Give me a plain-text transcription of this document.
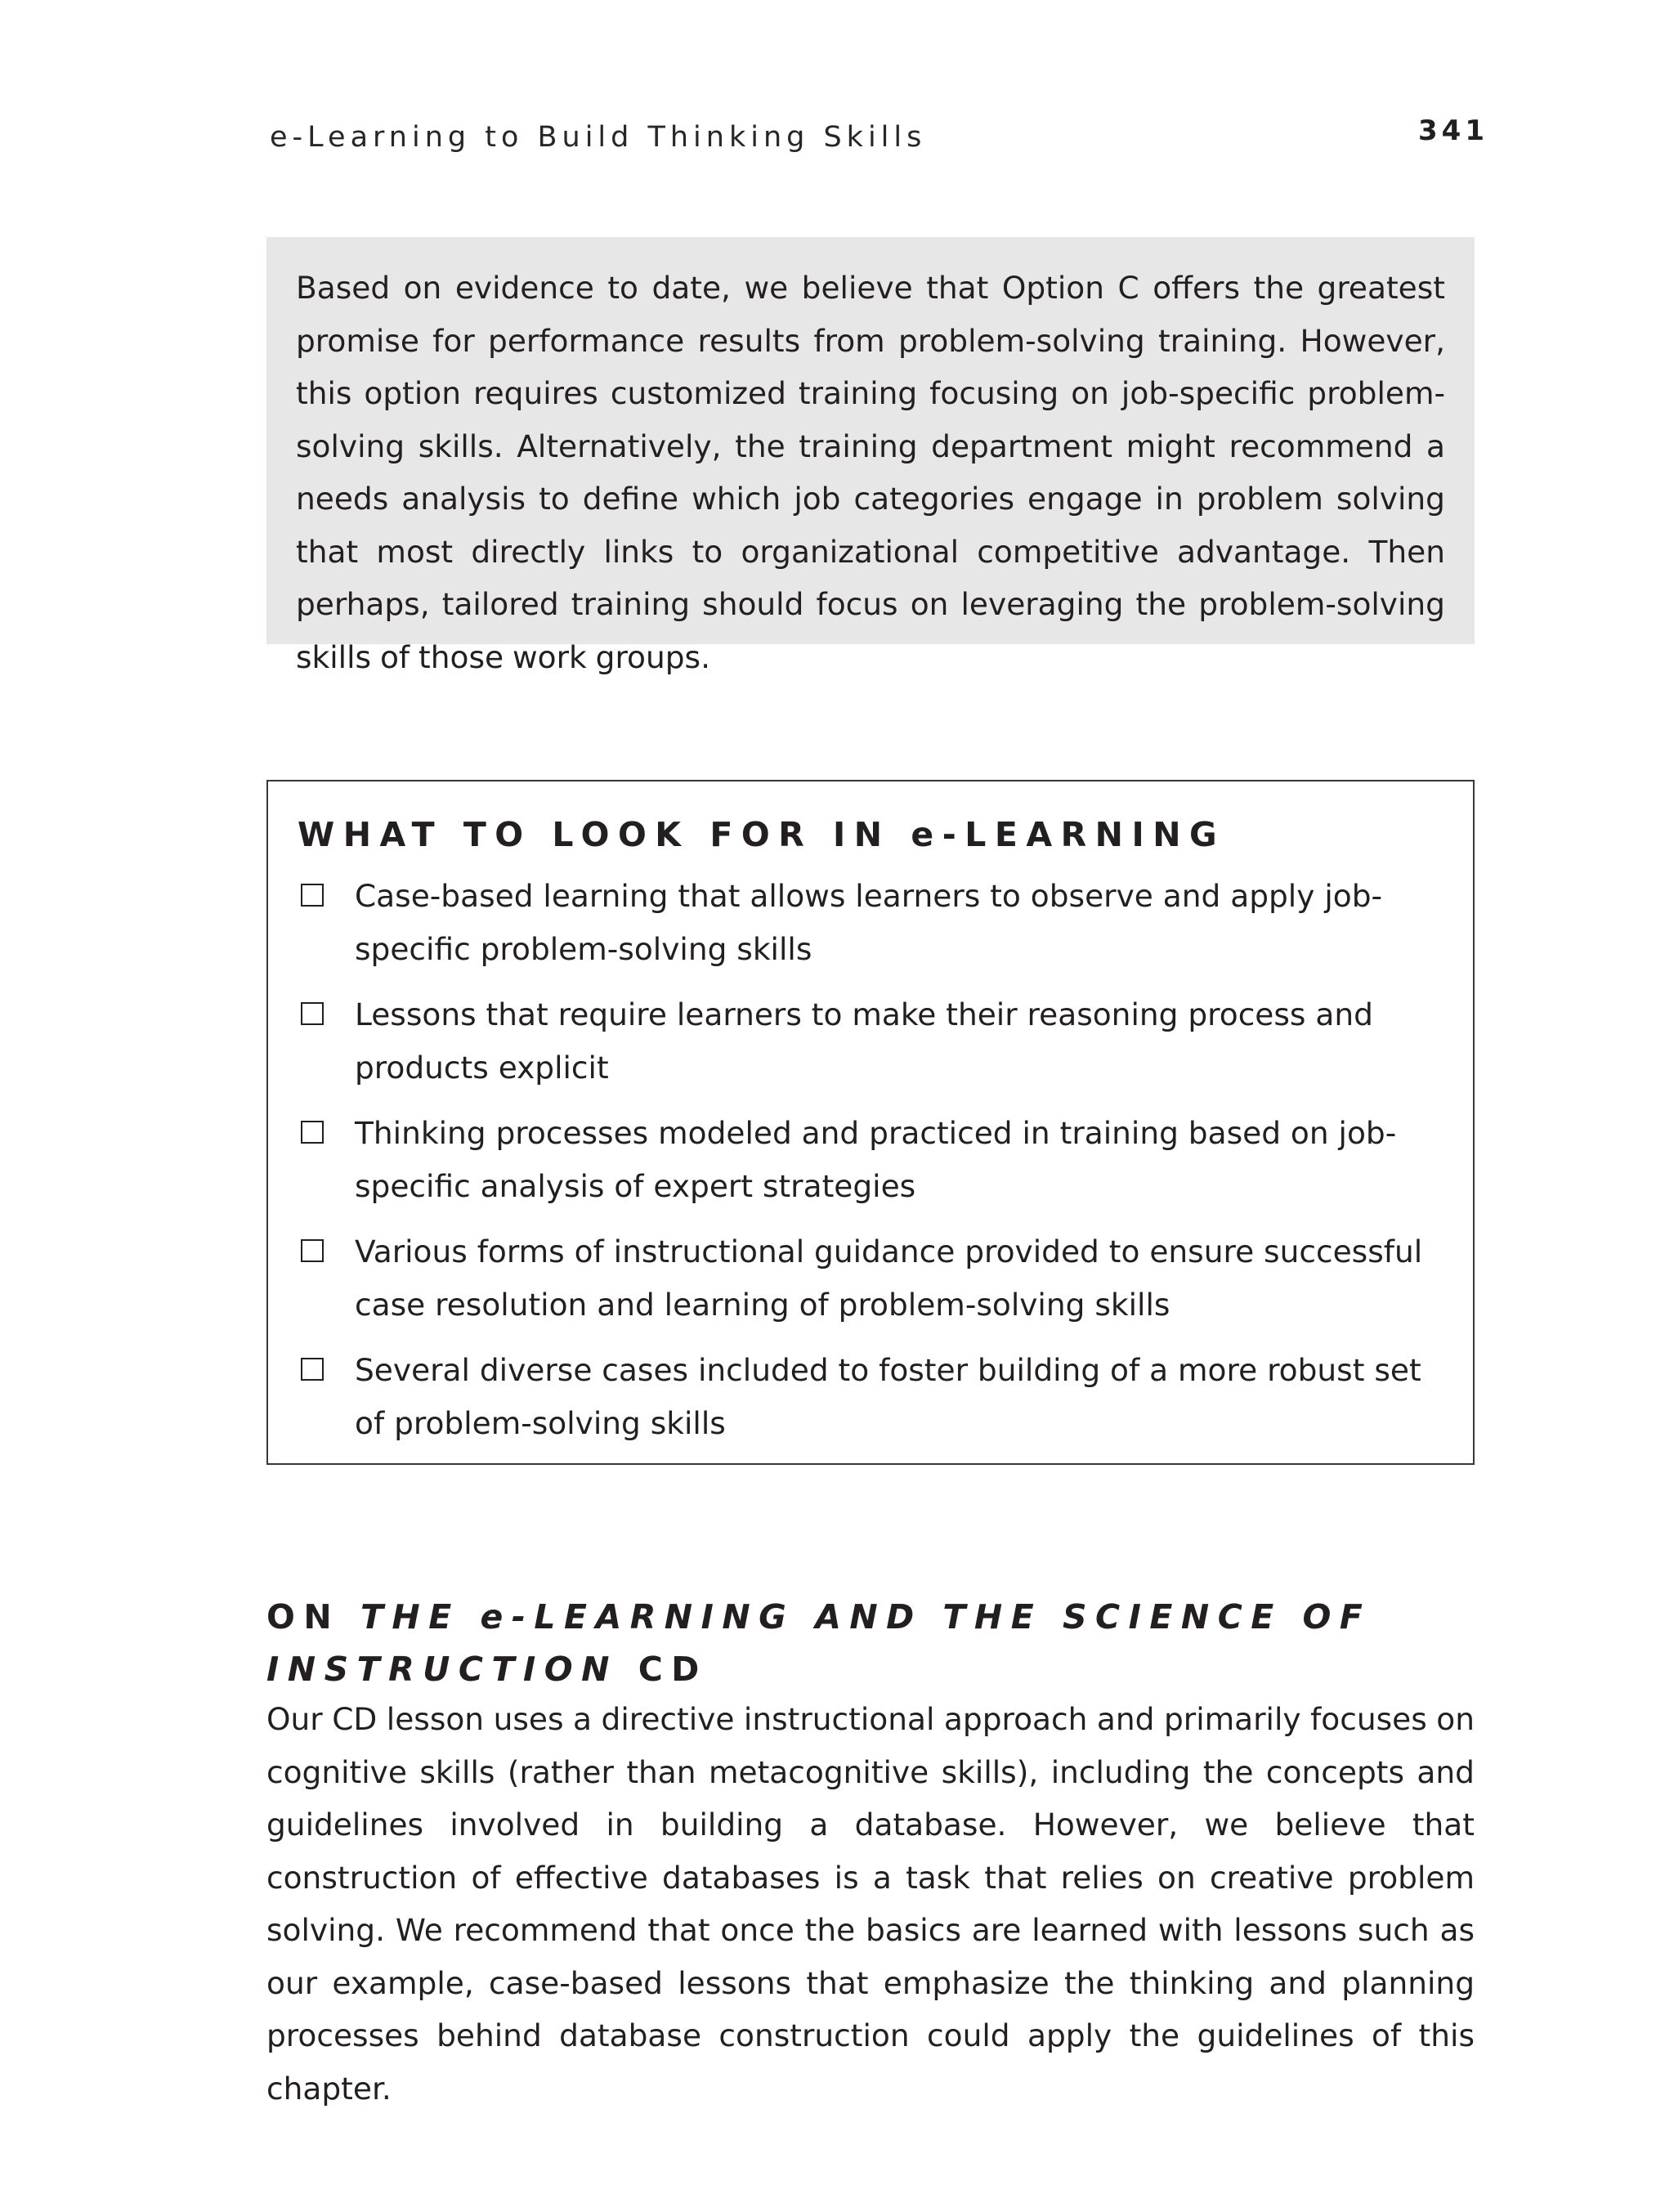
e-Learning to Build Thinking Skills	341

Based on evidence to date, we believe that Option C offers the greatest promise for performance results from problem-solving training. However, this option requires customized training focusing on job-specific problem-solving skills. Alternatively, the training department might recommend a needs analysis to define which job categories engage in problem solving that most directly links to organizational competitive advantage. Then perhaps, tailored training should focus on leveraging the problem-solving skills of those work groups.

WHAT TO LOOK FOR IN e-LEARNING
Case-based learning that allows learners to observe and apply job-specific problem-solving skills
Lessons that require learners to make their reasoning process and products explicit
Thinking processes modeled and practiced in training based on job-specific analysis of expert strategies
Various forms of instructional guidance provided to ensure successful case resolution and learning of problem-solving skills
Several diverse cases included to foster building of a more robust set of problem-solving skills
ON THE e-LEARNING AND THE SCIENCE OF INSTRUCTION CD

Our CD lesson uses a directive instructional approach and primarily focuses on cognitive skills (rather than metacognitive skills), including the concepts and guidelines involved in building a database. However, we believe that construction of effective databases is a task that relies on creative problem solving. We recommend that once the basics are learned with lessons such as our example, case-based lessons that emphasize the thinking and planning processes behind database construction could apply the guidelines of this chapter.
